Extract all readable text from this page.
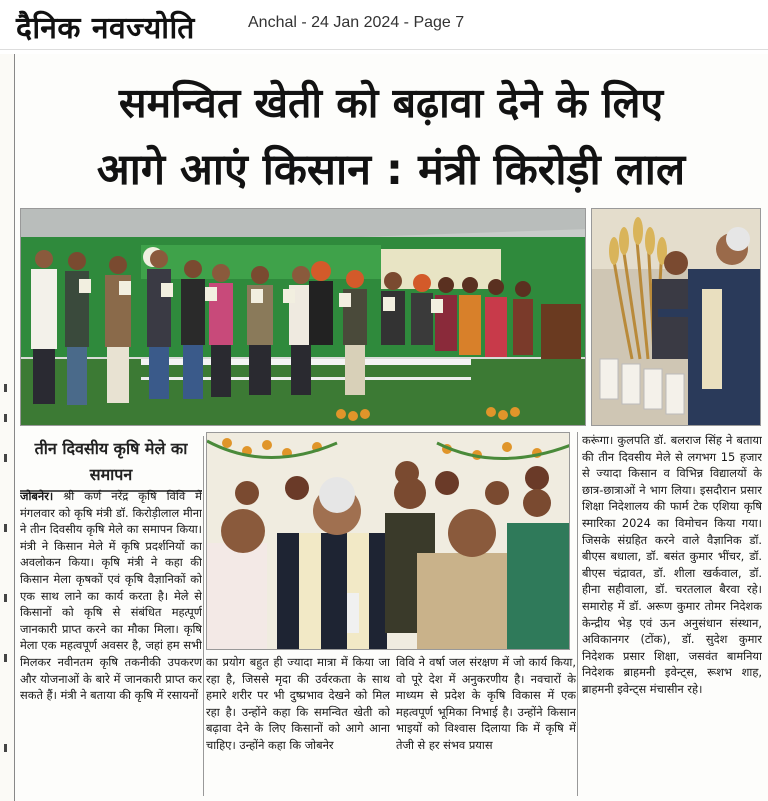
दैनिक नवज्योति	Anchal - 24 Jan 2024 - Page 7
समन्वित खेती को बढ़ावा देने के लिए
आगे आएं किसान : मंत्री किरोड़ी लाल
तीन दिवसीय कृषि मेले का समापन

जोबनेर। श्री कर्ण नरेंद्र कृषि विवि में मंगलवार को कृषि मंत्री डॉ. किरोड़ीलाल मीना ने तीन दिवसीय कृषि मेले का समापन किया। मंत्री ने किसान मेले में कृषि प्रदर्शनियों का अवलोकन किया। कृषि मंत्री ने कहा की किसान मेला कृषकों एवं कृषि वैज्ञानिकों को एक साथ लाने का कार्य करता है। मेले से किसानों को कृषि से संबंधित महत्पूर्ण जानकारी प्राप्त करने का मौका मिला। कृषि मेला एक महत्वपूर्ण अवसर है, जहां हम सभी मिलकर नवीनतम कृषि तकनीकी उपकरण और योजनाओं के बारे में जानकारी प्राप्त कर सकते हैं। मंत्री ने बताया की कृषि में रसायनों

का प्रयोग बहुत ही ज्यादा मात्रा में किया जा रहा है, जिससे मृदा की उर्वरकता के साथ हमारे शरीर पर भी दुष्प्रभाव देखने को मिल रहा है। उन्होंने कहा कि समन्वित खेती को बढ़ावा देने के लिए किसानों को आगे आना चाहिए। उन्होंने कहा कि जोबनेर

विवि ने वर्षा जल संरक्षण में जो कार्य किया, वो पूरे देश में अनुकरणीय है। नवचारों के माध्यम से प्रदेश के कृषि विकास में एक महत्वपूर्ण भूमिका निभाई है। उन्होंने किसान भाइयों को विश्वास दिलाया कि में कृषि में तेजी से हर संभव प्रयास

करूंगा। कुलपति डॉ. बलराज सिंह ने बताया की तीन दिवसीय मेले से लगभग 15 हजार से ज्यादा किसान व विभिन्न विद्यालयों के छात्र-छात्राओं ने भाग लिया। इसदौरान प्रसार शिक्षा निदेशालय की फार्म टेक एशिया कृषि स्मारिका 2024 का विमोचन किया गया। जिसके संग्रहित करने वाले वैज्ञानिक डॉ. बीएस बधाला, डॉ. बसंत कुमार भींचर, डॉ. बीएस चंद्रावत, डॉ. शीला खर्कवाल, डॉ. हीना सहीवाला, डॉ. चरतलाल बैरवा रहे। समारोह में डॉ. अरूण कुमार तोमर निदेशक केन्द्रीय भेड़ एवं ऊन अनुसंधान संस्थान, अविकानगर (टोंक), डॉ. सुदेश कुमार निदेशक प्रसार शिक्षा, जसवंत बामनिया निदेशक ब्राहमनी इवेन्ट्स, रूशभ शाह, ब्राहमनी इवेन्ट्स मंचासीन रहे।
